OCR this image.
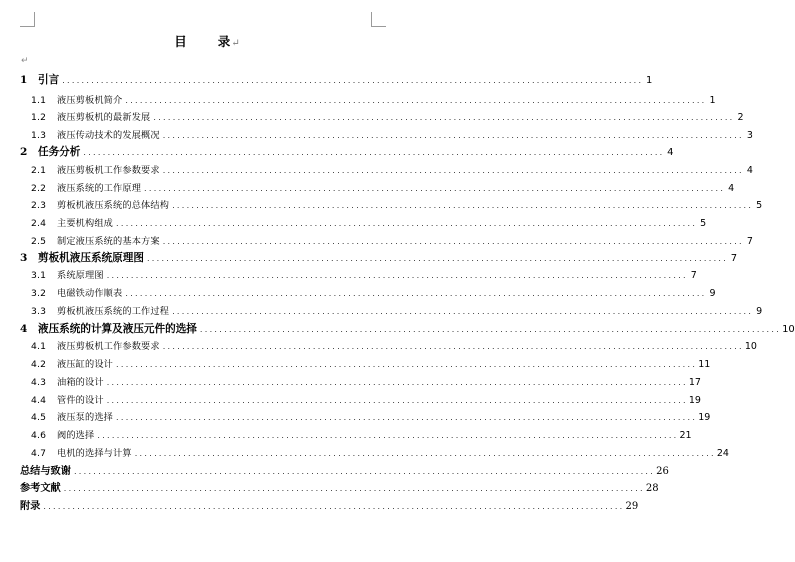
目 录↵
↵
1 引言 ........................................................................................................................ 1
1.1 液压剪板机简介 ........................................................................................................................ 1
1.2 液压剪板机的最新发展 ........................................................................................................................ 2
1.3 液压传动技术的发展概况 ........................................................................................................................ 3
2 任务分析 ........................................................................................................................ 4
2.1 液压剪板机工作参数要求 ........................................................................................................................ 4
2.2 液压系统的工作原理 ........................................................................................................................ 4
2.3 剪板机液压系统的总体结构 ........................................................................................................................ 5
2.4 主要机构组成 ........................................................................................................................ 5
2.5 制定液压系统的基本方案 ........................................................................................................................ 7
3 剪板机液压系统原理图 ........................................................................................................................ 7
3.1 系统原理图 ........................................................................................................................ 7
3.2 电磁铁动作顺表 ........................................................................................................................ 9
3.3 剪板机液压系统的工作过程 ........................................................................................................................ 9
4 液压系统的计算及液压元件的选择 ........................................................................................................................ 10
4.1 液压剪板机工作参数要求 ........................................................................................................................ 10
4.2 液压缸的设计 ........................................................................................................................ 11
4.3 油箱的设计 ........................................................................................................................ 17
4.4 管件的设计 ........................................................................................................................ 19
4.5 液压泵的选择 ........................................................................................................................ 19
4.6 阀的选择 ........................................................................................................................ 21
4.7 电机的选择与计算 ........................................................................................................................ 24
总结与致谢 ........................................................................................................................ 26
参考文献 ........................................................................................................................ 28
附录 ........................................................................................................................ 29
